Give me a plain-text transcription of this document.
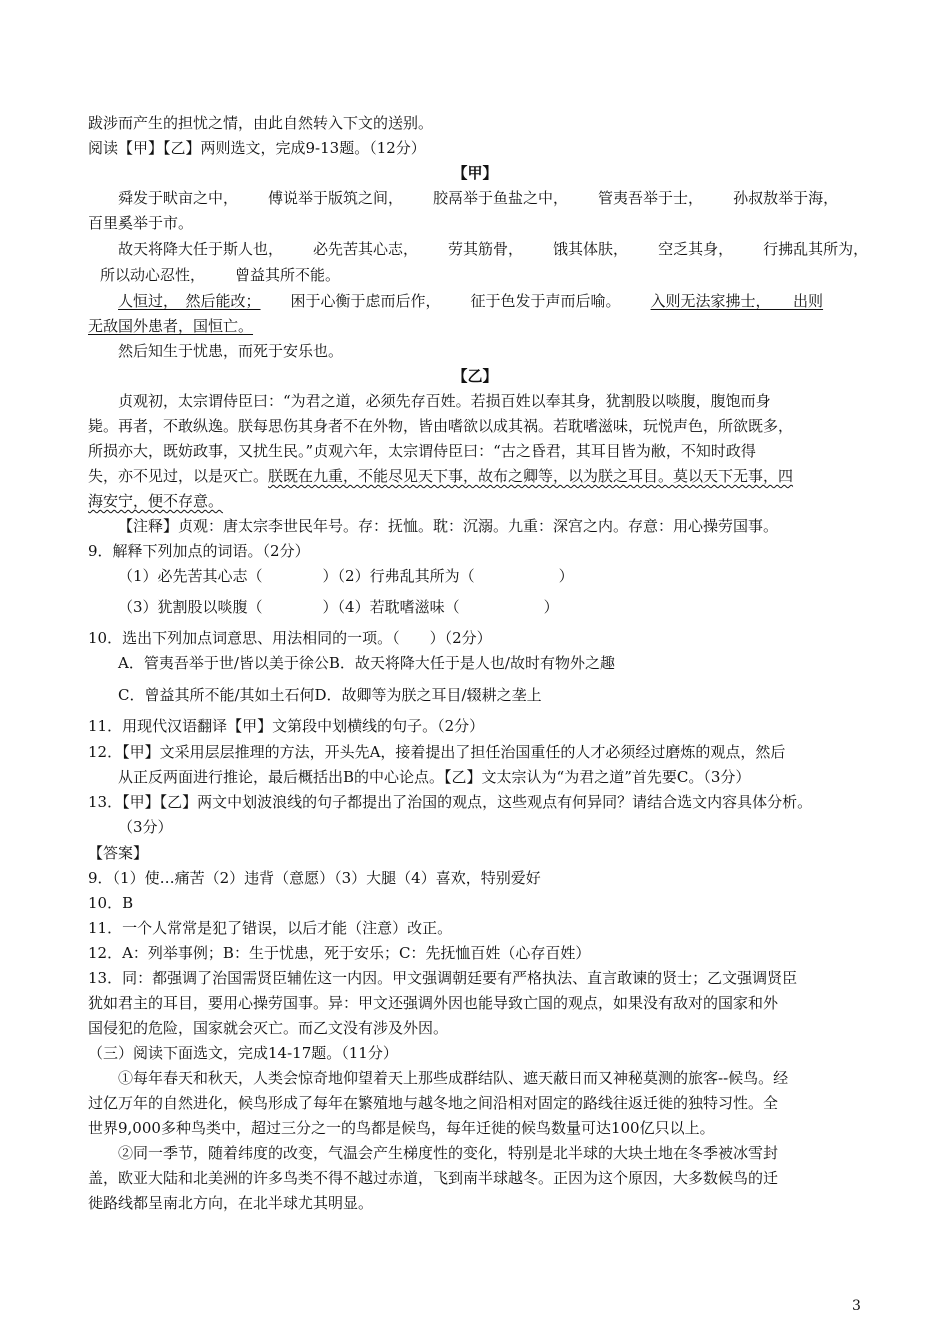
跋涉而产生的担忧之情，由此自然转入下文的送别。
阅读【甲】【乙】两则选文，完成9-13题。（12分）
【甲】
舜发于畎亩之中， 傅说举于版筑之间， 胶鬲举于鱼盐之中， 管夷吾举于士， 孙叔敖举于海，
百里奚举于市。
故天将降大任于斯人也， 必先苦其心志， 劳其筋骨， 饿其体肤， 空乏其身， 行拂乱其所为，
所以动心忍性， 曾益其所不能。
人恒过，　然后能改； 困于心衡于虑而后作， 征于色发于声而后喻。 入则无法家拂士，　　出则
无敌国外患者，国恒亡。
然后知生于忧患，而死于安乐也。
【乙】
贞观初，太宗谓侍臣曰：“为君之道，必须先存百姓。若损百姓以奉其身，犹割股以啖腹，腹饱而身
毙。再者，不敢纵逸。朕每思伤其身者不在外物，皆由嗜欲以成其祸。若耽嗜滋味，玩悦声色，所欲既多，
所损亦大，既妨政事，又扰生民。”贞观六年，太宗谓侍臣曰：“古之昏君，其耳目皆为敝，不知时政得
失，亦不见过，以是灭亡。朕既在九重，不能尽见天下事，故布之卿等，以为朕之耳目。莫以天下无事，四
海安宁，便不存意。
【注释】贞观：唐太宗李世民年号。存：抚恤。耽：沉溺。九重：深宫之内。存意：用心操劳国事。
9．解释下列加点的词语。（2分）
（1）必先苦其心志（	）（2）行弗乱其所为（	）
（3）犹割股以啖腹（	）（4）若耽嗜滋味（	）
10．选出下列加点词意思、用法相同的一项。（　　）（2分）
A．管夷吾举于世/皆以美于徐公B．故天将降大任于是人也/故时有物外之趣
C．曾益其所不能/其如土石何D．故卿等为朕之耳目/辍耕之垄上
11．用现代汉语翻译【甲】文第段中划横线的句子。（2分）
12．【甲】文采用层层推理的方法，开头先A，接着提出了担任治国重任的人才必须经过磨炼的观点，然后
从正反两面进行推论，最后概括出B的中心论点。【乙】文太宗认为“为君之道”首先要C。（3分）
13．【甲】【乙】两文中划波浪线的句子都提出了治国的观点，这些观点有何异同？请结合选文内容具体分析。
（3分）
【答案】
9．（1）使…痛苦（2）违背（意愿）（3）大腿（4）喜欢，特别爱好
10．B
11．一个人常常是犯了错误，以后才能（注意）改正。
12．A：列举事例；B：生于忧患，死于安乐；C：先抚恤百姓（心存百姓）
13．同：都强调了治国需贤臣辅佐这一内因。甲文强调朝廷要有严格执法、直言敢谏的贤士；乙文强调贤臣
犹如君主的耳目，要用心操劳国事。异：甲文还强调外因也能导致亡国的观点，如果没有敌对的国家和外
国侵犯的危险，国家就会灭亡。而乙文没有涉及外因。
（三）阅读下面选文，完成14-17题。（11分）
①每年春天和秋天，人类会惊奇地仰望着天上那些成群结队、遮天蔽日而又神秘莫测的旅客--候鸟。经
过亿万年的自然进化，候鸟形成了每年在繁殖地与越冬地之间沿相对固定的路线往返迁徙的独特习性。全
世界9,000多种鸟类中，超过三分之一的鸟都是候鸟，每年迁徙的候鸟数量可达100亿只以上。
②同一季节，随着纬度的改变，气温会产生梯度性的变化，特别是北半球的大块土地在冬季被冰雪封
盖，欧亚大陆和北美洲的许多鸟类不得不越过赤道，飞到南半球越冬。正因为这个原因，大多数候鸟的迁
徙路线都呈南北方向，在北半球尤其明显。
3
